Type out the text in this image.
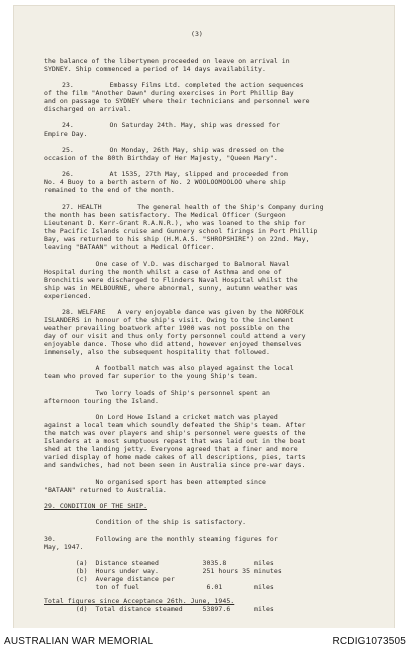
(3)
the balance of the libertymen proceeded on leave on arrival in
SYDNEY. Ship commenced a period of 14 days availability.
23.         Embassy Films Ltd. completed the action sequences
of the film "Another Dawn" during exercises in Port Phillip Bay
and on passage to SYDNEY where their technicians and personnel were
discharged on arrival.
24.         On Saturday 24th. May, ship was dressed for
Empire Day.
25.         On Monday, 26th May, ship was dressed on the
occasion of the 80th Birthday of Her Majesty, "Queen Mary".
26.         At 1535, 27th May, slipped and proceeded from
No. 4 Buoy to a berth astern of No. 2 WOOLOOMOOLOO where ship
remained to the end of the month.
27. HEALTH         The general health of the Ship's Company during
the month has been satisfactory. The Medical Officer (Surgeon
Lieutenant D. Kerr-Grant R.A.N.R.), who was loaned to the ship for
the Pacific Islands cruise and Gunnery school firings in Port Phillip
Bay, was returned to his ship (H.M.A.S. "SHROPSHIRE") on 22nd. May,
leaving "BATAAN" without a Medical Officer.
One case of V.D. was discharged to Balmoral Naval
Hospital during the month whilst a case of Asthma and one of
Bronchitis were discharged to Flinders Naval Hospital whilst the
ship was in MELBOURNE, where abnormal, sunny, autumn weather was
experienced.
28. WELFARE   A very enjoyable dance was given by the NORFOLK
ISLANDERS in honour of the ship's visit. Owing to the inclement
weather prevailing boatwork after 1900 was not possible on the
day of our visit and thus only forty personnel could attend a very
enjoyable dance. Those who did attend, however enjoyed themselves
immensely, also the subsequent hospitality that followed.
A football match was also played against the local
team who proved far superior to the young Ship's team.
Two lorry loads of Ship's personnel spent an
afternoon touring the Island.
On Lord Howe Island a cricket match was played
against a local team which soundly defeated the Ship's team. After
the match was over players and ship's personnel were guests of the
Islanders at a most sumptuous repast that was laid out in the boat
shed at the landing jetty. Everyone agreed that a finer and more
varied display of home made cakes of all descriptions, pies, tarts
and sandwiches, had not been seen in Australia since pre-war days.
No organised sport has been attempted since
"BATAAN" returned to Australia.
29. CONDITION OF THE SHIP.
Condition of the ship is satisfactory.
30.          Following are the monthly steaming figures for
May, 1947.
(a)  Distance steamed           3035.8       miles
(b)  Hours under way.           251 hours 35 minutes
(c)  Average distance per
ton of fuel                 6.01        miles
Total figures since Acceptance 26th. June, 1945.
(d)  Total distance steamed     53897.6      miles
AUSTRALIAN WAR MEMORIAL	RCDIG1073505
